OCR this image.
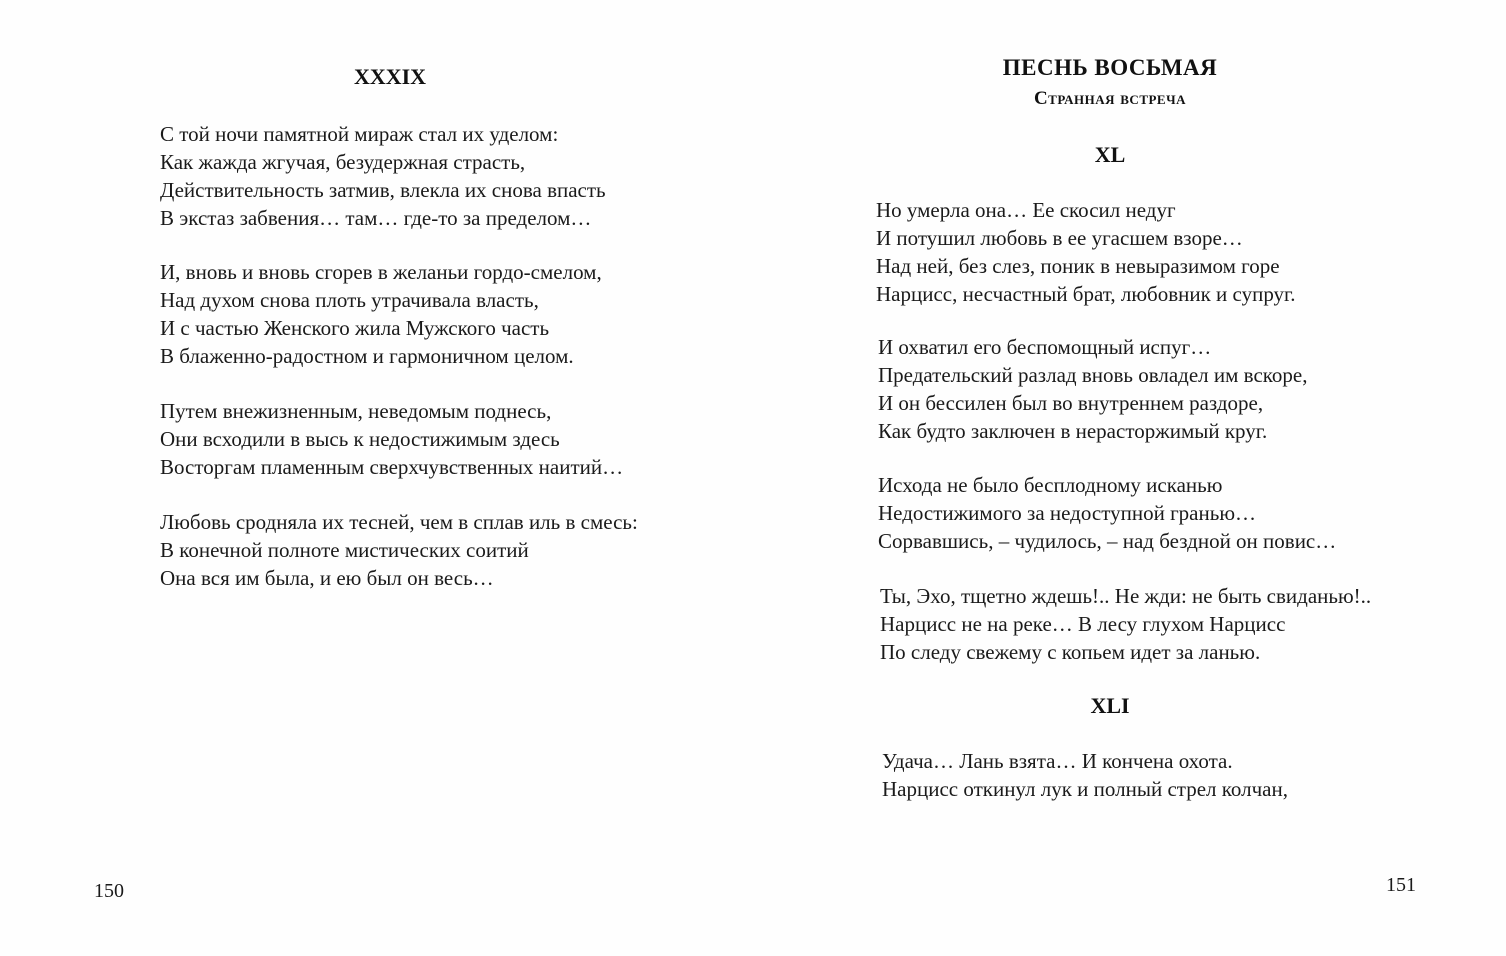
XXXIX
С той ночи памятной мираж стал их уделом:
Как жажда жгучая, безудержная страсть,
Действительность затмив, влекла их снова впасть
В экстаз забвения… там… где-то за пределом…
И, вновь и вновь сгорев в желаньи гордо-смелом,
Над духом снова плоть утрачивала власть,
И с частью Женского жила Мужского часть
В блаженно-радостном и гармоничном целом.
Путем внежизненным, неведомым поднесь,
Они всходили в высь к недостижимым здесь
Восторгам пламенным сверхчувственных наитий…
Любовь сродняла их тесней, чем в сплав иль в смесь:
В конечной полноте мистических соитий
Она вся им была, и ею был он весь…
150
ПЕСНЬ ВОСЬМАЯ
Странная встреча
XL
Но умерла она… Ее скосил недуг
И потушил любовь в ее угасшем взоре…
Над ней, без слез, поник в невыразимом горе
Нарцисс, несчастный брат, любовник и супруг.
И охватил его беспомощный испуг…
Предательский разлад вновь овладел им вскоре,
И он бессилен был во внутреннем раздоре,
Как будто заключен в нерасторжимый круг.
Исхода не было бесплодному исканью
Недостижимого за недоступной гранью…
Сорвавшись, – чудилось, – над бездной он повис…
Ты, Эхо, тщетно ждешь!.. Не жди: не быть свиданью!..
Нарцисс не на реке… В лесу глухом Нарцисс
По следу свежему с копьем идет за ланью.
XLI
Удача… Лань взята… И кончена охота.
Нарцисс откинул лук и полный стрел колчан,
151
